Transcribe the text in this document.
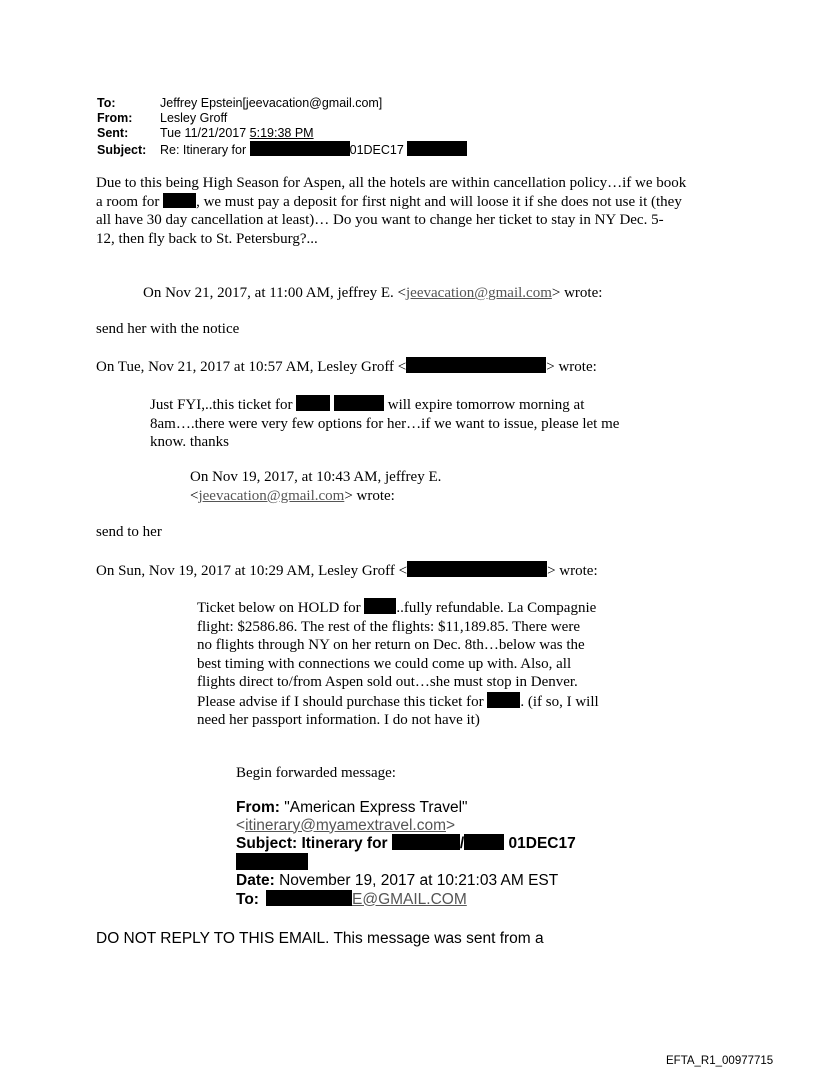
To:	Jeffrey Epstein[jeevacation@gmail.com]
From: Lesley Groff
Sent:	Tue 11/21/2017 5:19:38 PM
Subject: Re: Itinerary for	01DEC17
Due to this being High Season for Aspen, all the hotels are within cancellation policy…if we book
a room for , we must pay a deposit for first night and will loose it if she does not use it (they
all have 30 day cancellation at least)… Do you want to change her ticket to stay in NY Dec. 5-
12, then fly back to St. Petersburg?...
On Nov 21, 2017, at 11:00 AM, jeffrey E. <jeevacation@gmail.com> wrote:
send her with the notice
On Tue, Nov 21, 2017 at 10:57 AM, Lesley Groff <	> wrote:
Just FYI,..this ticket for	will expire tomorrow morning at
8am….there were very few options for her…if we want to issue, please let me
know. thanks
On Nov 19, 2017, at 10:43 AM, jeffrey E.
<jeevacation@gmail.com> wrote:
send to her
On Sun, Nov 19, 2017 at 10:29 AM, Lesley Groff <	> wrote:
Ticket below on HOLD for ..fully refundable. La Compagnie
flight: $2586.86. The rest of the flights: $11,189.85. There were
no flights through NY on her return on Dec. 8th…below was the
best timing with connections we could come up with. Also, all
flights direct to/from Aspen sold out…she must stop in Denver.
Please advise if I should purchase this ticket for . (if so, I will
need her passport information. I do not have it)
Begin forwarded message:
From: "American Express Travel"
<itinerary@myamextravel.com>
Subject: Itinerary for	/	01DEC17
Date: November 19, 2017 at 10:21:03 AM EST
To:	E@GMAIL.COM
DO NOT REPLY TO THIS EMAIL. This message was sent from a
EFTA_R1_00977715
